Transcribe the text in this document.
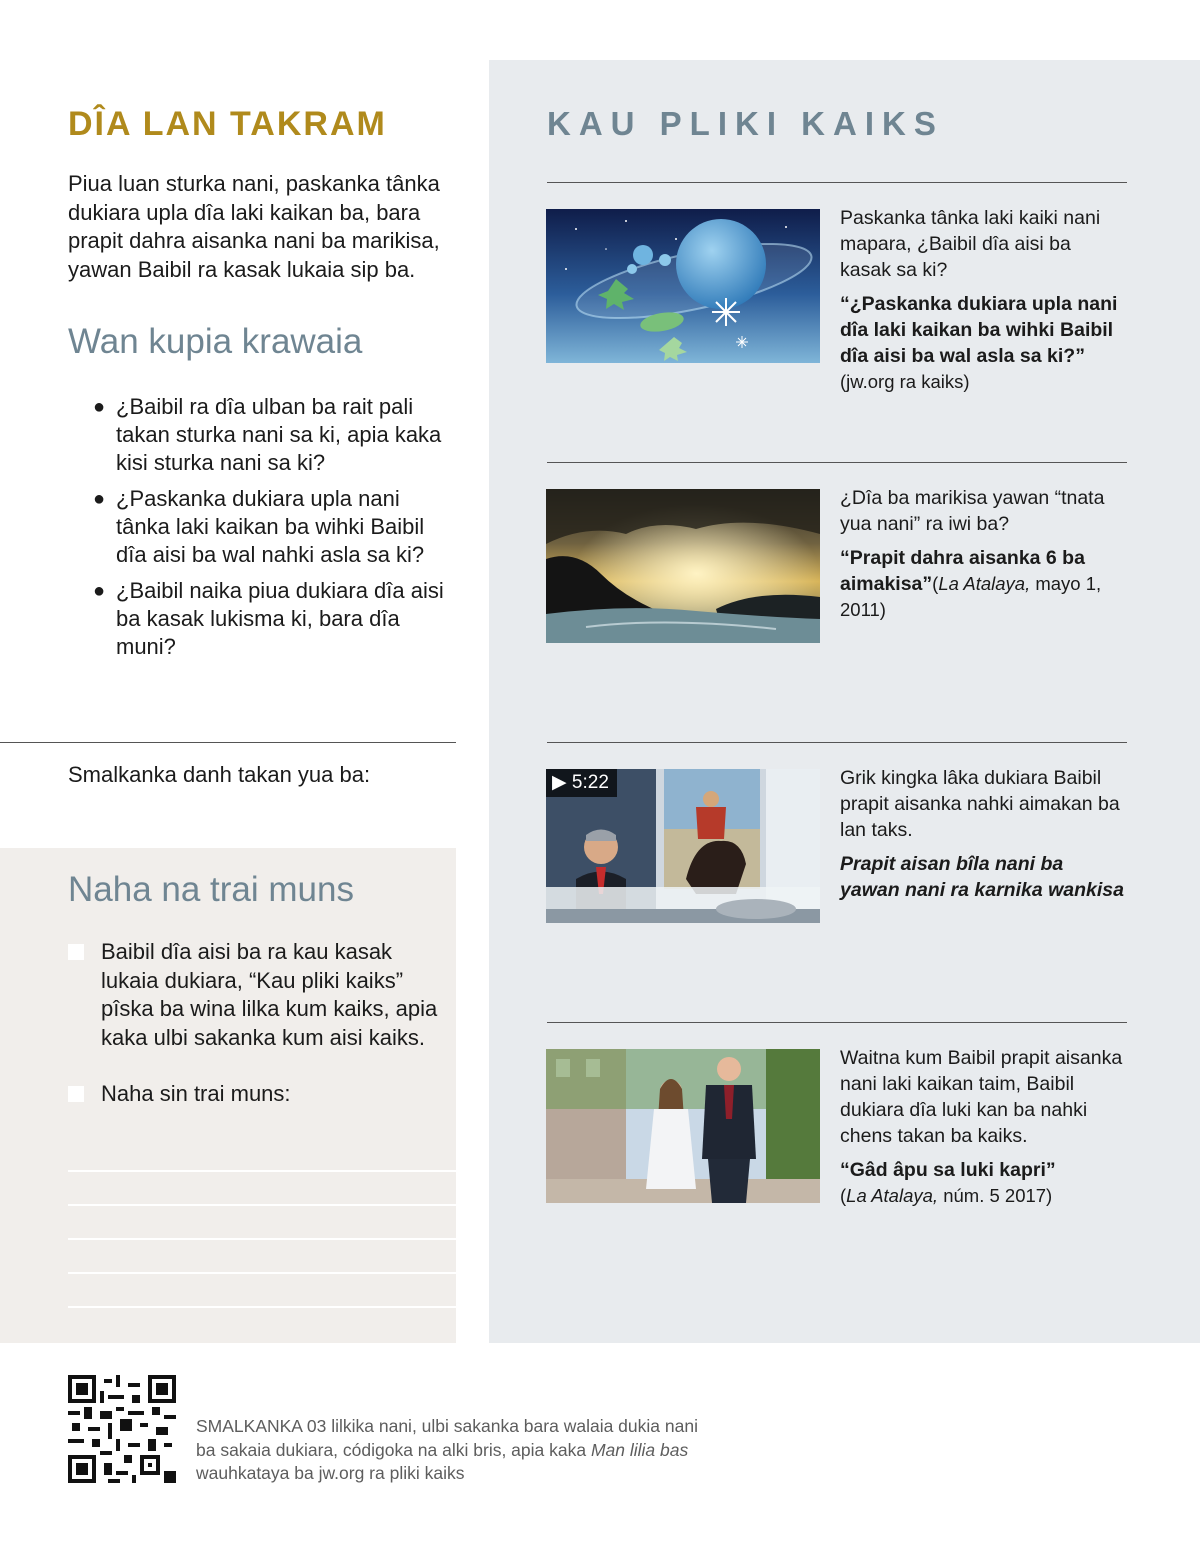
DÎA LAN TAKRAM

Piua luan sturka nani, paskanka tânka dukiara upla dîa laki kaikan ba, bara prapit dahra aisanka nani ba marikisa, yawan Baibil ra kasak lukaia sip ba.

Wan kupia krawaia
● ¿Baibil ra dîa ulban ba rait pali takan sturka nani sa ki, apia kaka kisi sturka nani sa ki?
● ¿Paskanka dukiara upla nani tânka laki kaikan ba wihki Baibil dîa aisi ba wal nahki asla sa ki?
● ¿Baibil naika piua dukiara dîa aisi ba kasak lukisma ki, bara dîa muni?

Smalkanka danh takan yua ba:

Naha na trai muns
Baibil dîa aisi ba ra kau kasak lukaia dukiara, “Kau pliki kaiks” pîska ba wina lilka kum kaiks, apia kaka ulbi sakanka kum aisi kaiks.
Naha sin trai muns:
KAU PLIKI KAIKS

Paskanka tânka laki kaiki nani mapara, ¿Baibil dîa aisi ba kasak sa ki?

“¿Paskanka dukiara upla nani dîa laki kaikan ba wihki Baibil dîa aisi ba wal asla sa ki?”

(jw.org ra kaiks)

¿Dîa ba marikisa yawan “tnata yua nani” ra iwi ba?

“Prapit dahra aisanka 6 ba aimakisa”(La Atalaya, mayo 1, 2011)

▶ 5:22	Grik kingka lâka dukiara Baibil prapit aisanka nahki aimakan ba lan taks.

Prapit aisan bîla nani ba yawan nani ra karnika wankisa

Waitna kum Baibil prapit aisanka nani laki kaikan taim, Baibil dukiara dîa luki kan ba nahki chens takan ba kaiks.

“Gâd âpu sa luki kapri”

(La Atalaya, núm. 5 2017)

SMALKANKA 03 lilkika nani, ulbi sakanka bara walaia dukia nani ba sakaia dukiara, códigoka na alki bris, apia kaka Man lilia bas wauhkataya ba jw.org ra pliki kaiks
